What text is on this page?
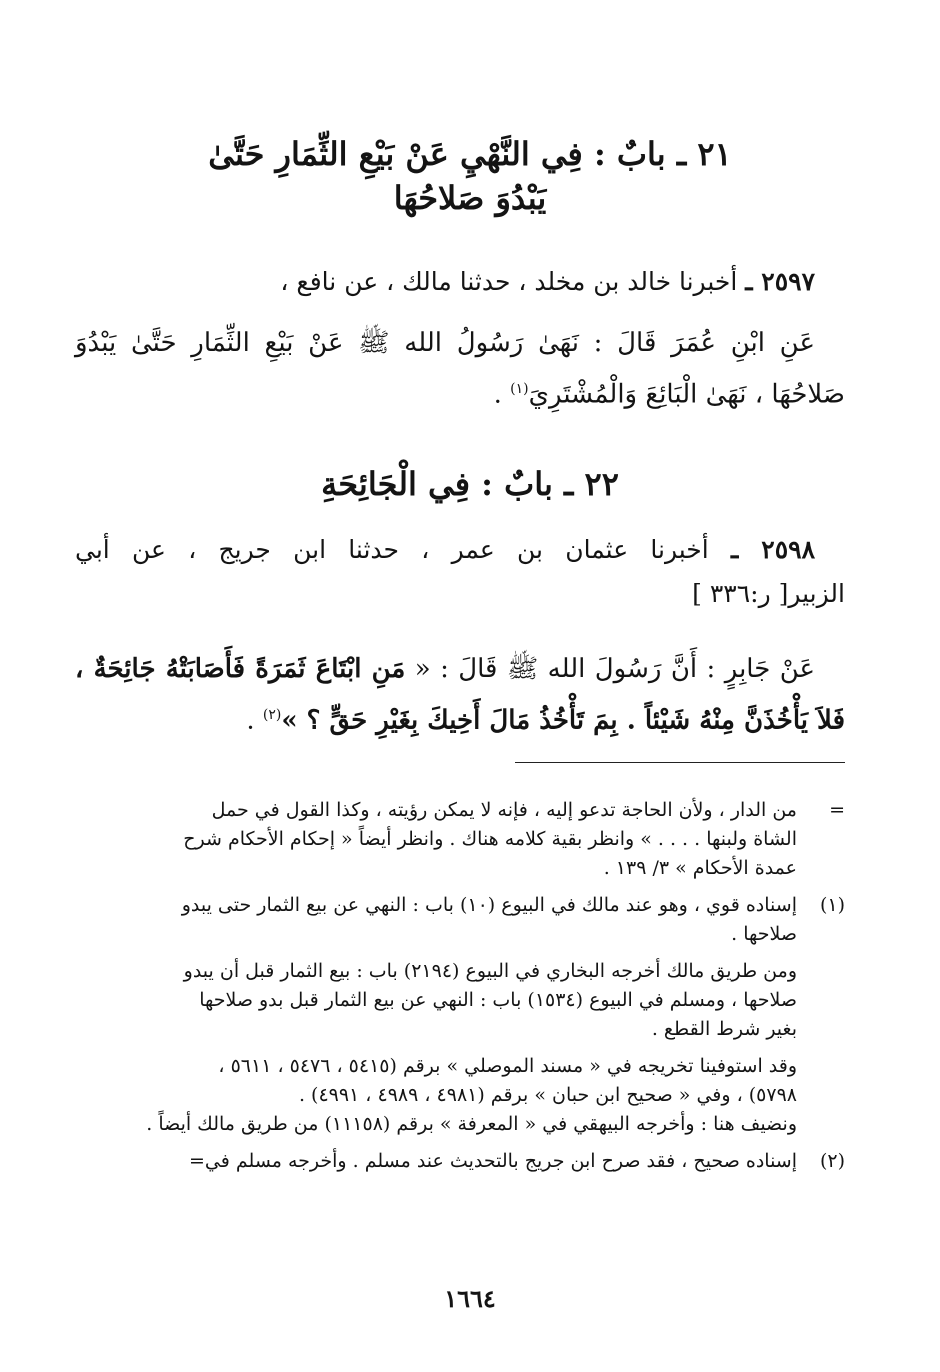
٢١ ـ بابٌ : فِي النَّهْيِ عَنْ بَيْعِ الثِّمَارِ حَتَّىٰ
يَبْدُوَ صَلاحُهَا
٢٥٩٧ ـ أخبرنا خالد بن مخلد ، حدثنا مالك ، عن نافع ،
عَنِ ابْنِ عُمَرَ قَالَ : نَهَىٰ رَسُولُ الله ﷺ عَنْ بَيْعِ الثِّمَارِ حَتَّىٰ يَبْدُوَ
صَلاحُهَا ، نَهَىٰ الْبَائِعَ وَالْمُشْتَرِيَ$^{(١)}$ .
٢٢ ـ بابٌ : فِي الْجَائِحَةِ
٢٥٩٨ ـ أخبرنا عثمان بن عمر ، حدثنا ابن جريج ، عن أبي
الزبير[ ر:٣٣٦ ]
عَنْ جَابِرٍ : أَنَّ رَسُولَ الله ﷺ قَالَ : « مَنِ ابْتَاعَ ثَمَرَةً فَأَصَابَتْهُ جَائِحَةٌ ،
فَلاَ يَأْخُذَنَّ مِنْهُ شَيْئاً . بِمَ تَأْخُذُ مَالَ أَخِيكَ بِغَيْرِ حَقٍّ ؟ »$^{(٢)}$ .
=
من الدار ، ولأن الحاجة تدعو إليه ، فإنه لا يمكن رؤيته ، وكذا القول في حمل
الشاة ولبنها . . . . » وانظر بقية كلامه هناك . وانظر أيضاً « إحكام الأحكام شرح
عمدة الأحكام » ٣/ ١٣٩ .
(١)
إسناده قوي ، وهو عند مالك في البيوع (١٠) باب : النهي عن بيع الثمار حتى يبدو
صلاحها .
ومن طريق مالك أخرجه البخاري في البيوع (٢١٩٤) باب : بيع الثمار قبل أن يبدو
صلاحها ، ومسلم في البيوع (١٥٣٤) باب : النهي عن بيع الثمار قبل بدو صلاحها
بغير شرط القطع .
وقد استوفينا تخريجه في « مسند الموصلي » برقم (٥٤١٥ ، ٥٤٧٦ ، ٥٦١١ ،
٥٧٩٨) ، وفي « صحيح ابن حبان » برقم (٤٩٨١ ، ٤٩٨٩ ، ٤٩٩١) .
ونضيف هنا : وأخرجه البيهقي في « المعرفة » برقم (١١١٥٨) من طريق مالك أيضاً .
(٢)
إسناده صحيح ، فقد صرح ابن جريج بالتحديث عند مسلم . وأخرجه مسلم في=
١٦٦٤
